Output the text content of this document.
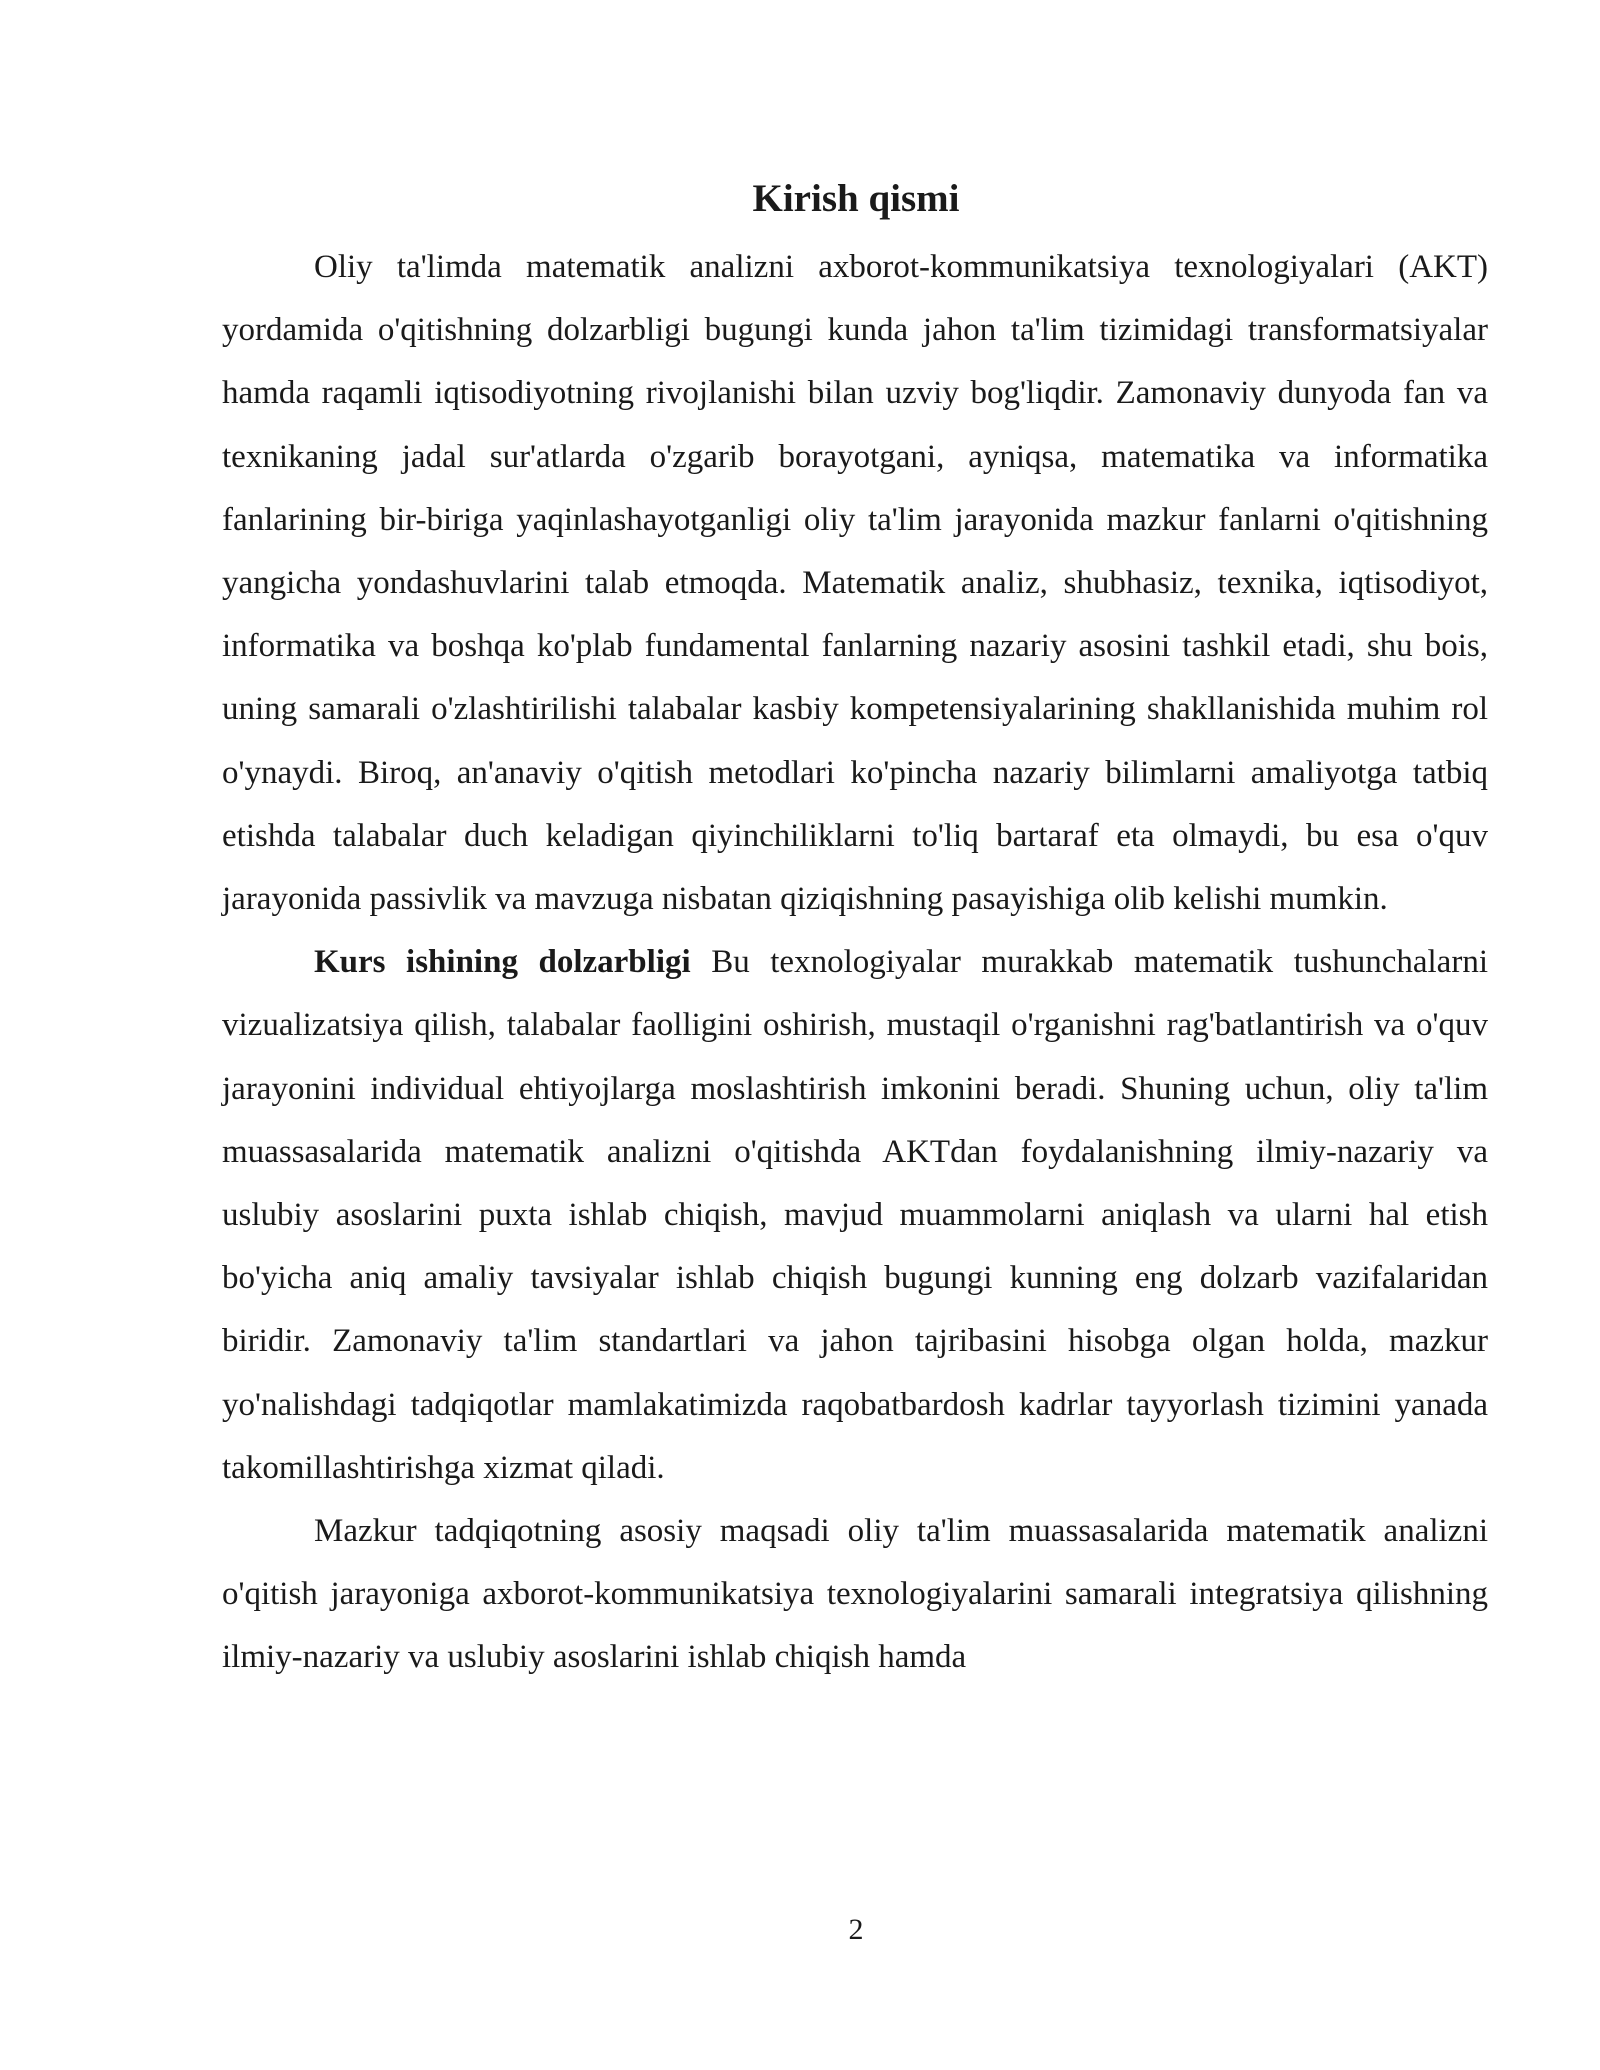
Kirish qismi

Oliy ta'limda matematik analizni axborot-kommunikatsiya texnologiyalari (AKT) yordamida o'qitishning dolzarbligi bugungi kunda jahon ta'lim tizimidagi transformatsiyalar hamda raqamli iqtisodiyotning rivojlanishi bilan uzviy bog'liqdir. Zamonaviy dunyoda fan va texnikaning jadal sur'atlarda o'zgarib borayotgani, ayniqsa, matematika va informatika fanlarining bir-biriga yaqinlashayotganligi oliy ta'lim jarayonida mazkur fanlarni o'qitishning yangicha yondashuvlarini talab etmoqda. Matematik analiz, shubhasiz, texnika, iqtisodiyot, informatika va boshqa ko'plab fundamental fanlarning nazariy asosini tashkil etadi, shu bois, uning samarali o'zlashtirilishi talabalar kasbiy kompetensiyalarining shakllanishida muhim rol o'ynaydi. Biroq, an'anaviy o'qitish metodlari ko'pincha nazariy bilimlarni amaliyotga tatbiq etishda talabalar duch keladigan qiyinchiliklarni to'liq bartaraf eta olmaydi, bu esa o'quv jarayonida passivlik va mavzuga nisbatan qiziqishning pasayishiga olib kelishi mumkin.

Kurs ishining dolzarbligi Bu texnologiyalar murakkab matematik tushunchalarni vizualizatsiya qilish, talabalar faolligini oshirish, mustaqil o'rganishni rag'batlantirish va o'quv jarayonini individual ehtiyojlarga moslashtirish imkonini beradi. Shuning uchun, oliy ta'lim muassasalarida matematik analizni o'qitishda AKTdan foydalanishning ilmiy-nazariy va uslubiy asoslarini puxta ishlab chiqish, mavjud muammolarni aniqlash va ularni hal etish bo'yicha aniq amaliy tavsiyalar ishlab chiqish bugungi kunning eng dolzarb vazifalaridan biridir. Zamonaviy ta'lim standartlari va jahon tajribasini hisobga olgan holda, mazkur yo'nalishdagi tadqiqotlar mamlakatimizda raqobatbardosh kadrlar tayyorlash tizimini yanada takomillashtirishga xizmat qiladi.

Mazkur tadqiqotning asosiy maqsadi oliy ta'lim muassasalarida matematik analizni o'qitish jarayoniga axborot-kommunikatsiya texnologiyalarini samarali integratsiya qilishning ilmiy-nazariy va uslubiy asoslarini ishlab chiqish hamda

2
